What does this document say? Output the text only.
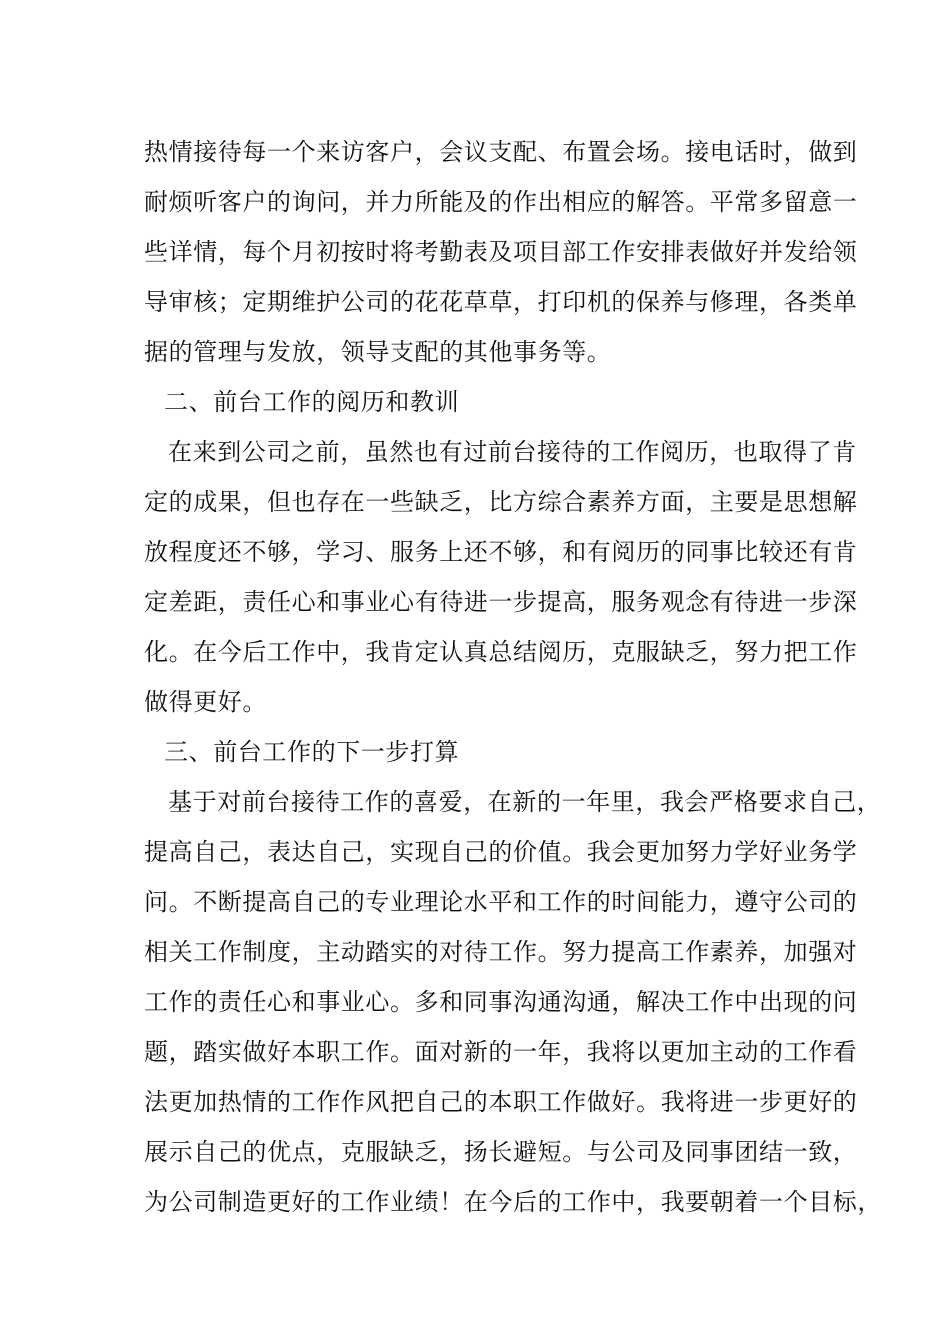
热情接待每一个来访客户，会议支配、布置会场。接电话时，做到
耐烦听客户的询问，并力所能及的作出相应的解答。平常多留意一
些详情，每个月初按时将考勤表及项目部工作安排表做好并发给领
导审核；定期维护公司的花花草草，打印机的保养与修理，各类单
据的管理与发放，领导支配的其他事务等。
二、前台工作的阅历和教训
在来到公司之前，虽然也有过前台接待的工作阅历，也取得了肯
定的成果，但也存在一些缺乏，比方综合素养方面，主要是思想解
放程度还不够，学习、服务上还不够，和有阅历的同事比较还有肯
定差距，责任心和事业心有待进一步提高，服务观念有待进一步深
化。在今后工作中，我肯定认真总结阅历，克服缺乏，努力把工作
做得更好。
三、前台工作的下一步打算
基于对前台接待工作的喜爱，在新的一年里，我会严格要求自己，
提高自己，表达自己，实现自己的价值。我会更加努力学好业务学
问。不断提高自己的专业理论水平和工作的时间能力，遵守公司的
相关工作制度，主动踏实的对待工作。努力提高工作素养，加强对
工作的责任心和事业心。多和同事沟通沟通，解决工作中出现的问
题，踏实做好本职工作。面对新的一年，我将以更加主动的工作看
法更加热情的工作作风把自己的本职工作做好。我将进一步更好的
展示自己的优点，克服缺乏，扬长避短。与公司及同事团结一致，
为公司制造更好的工作业绩！在今后的工作中，我要朝着一个目标，
